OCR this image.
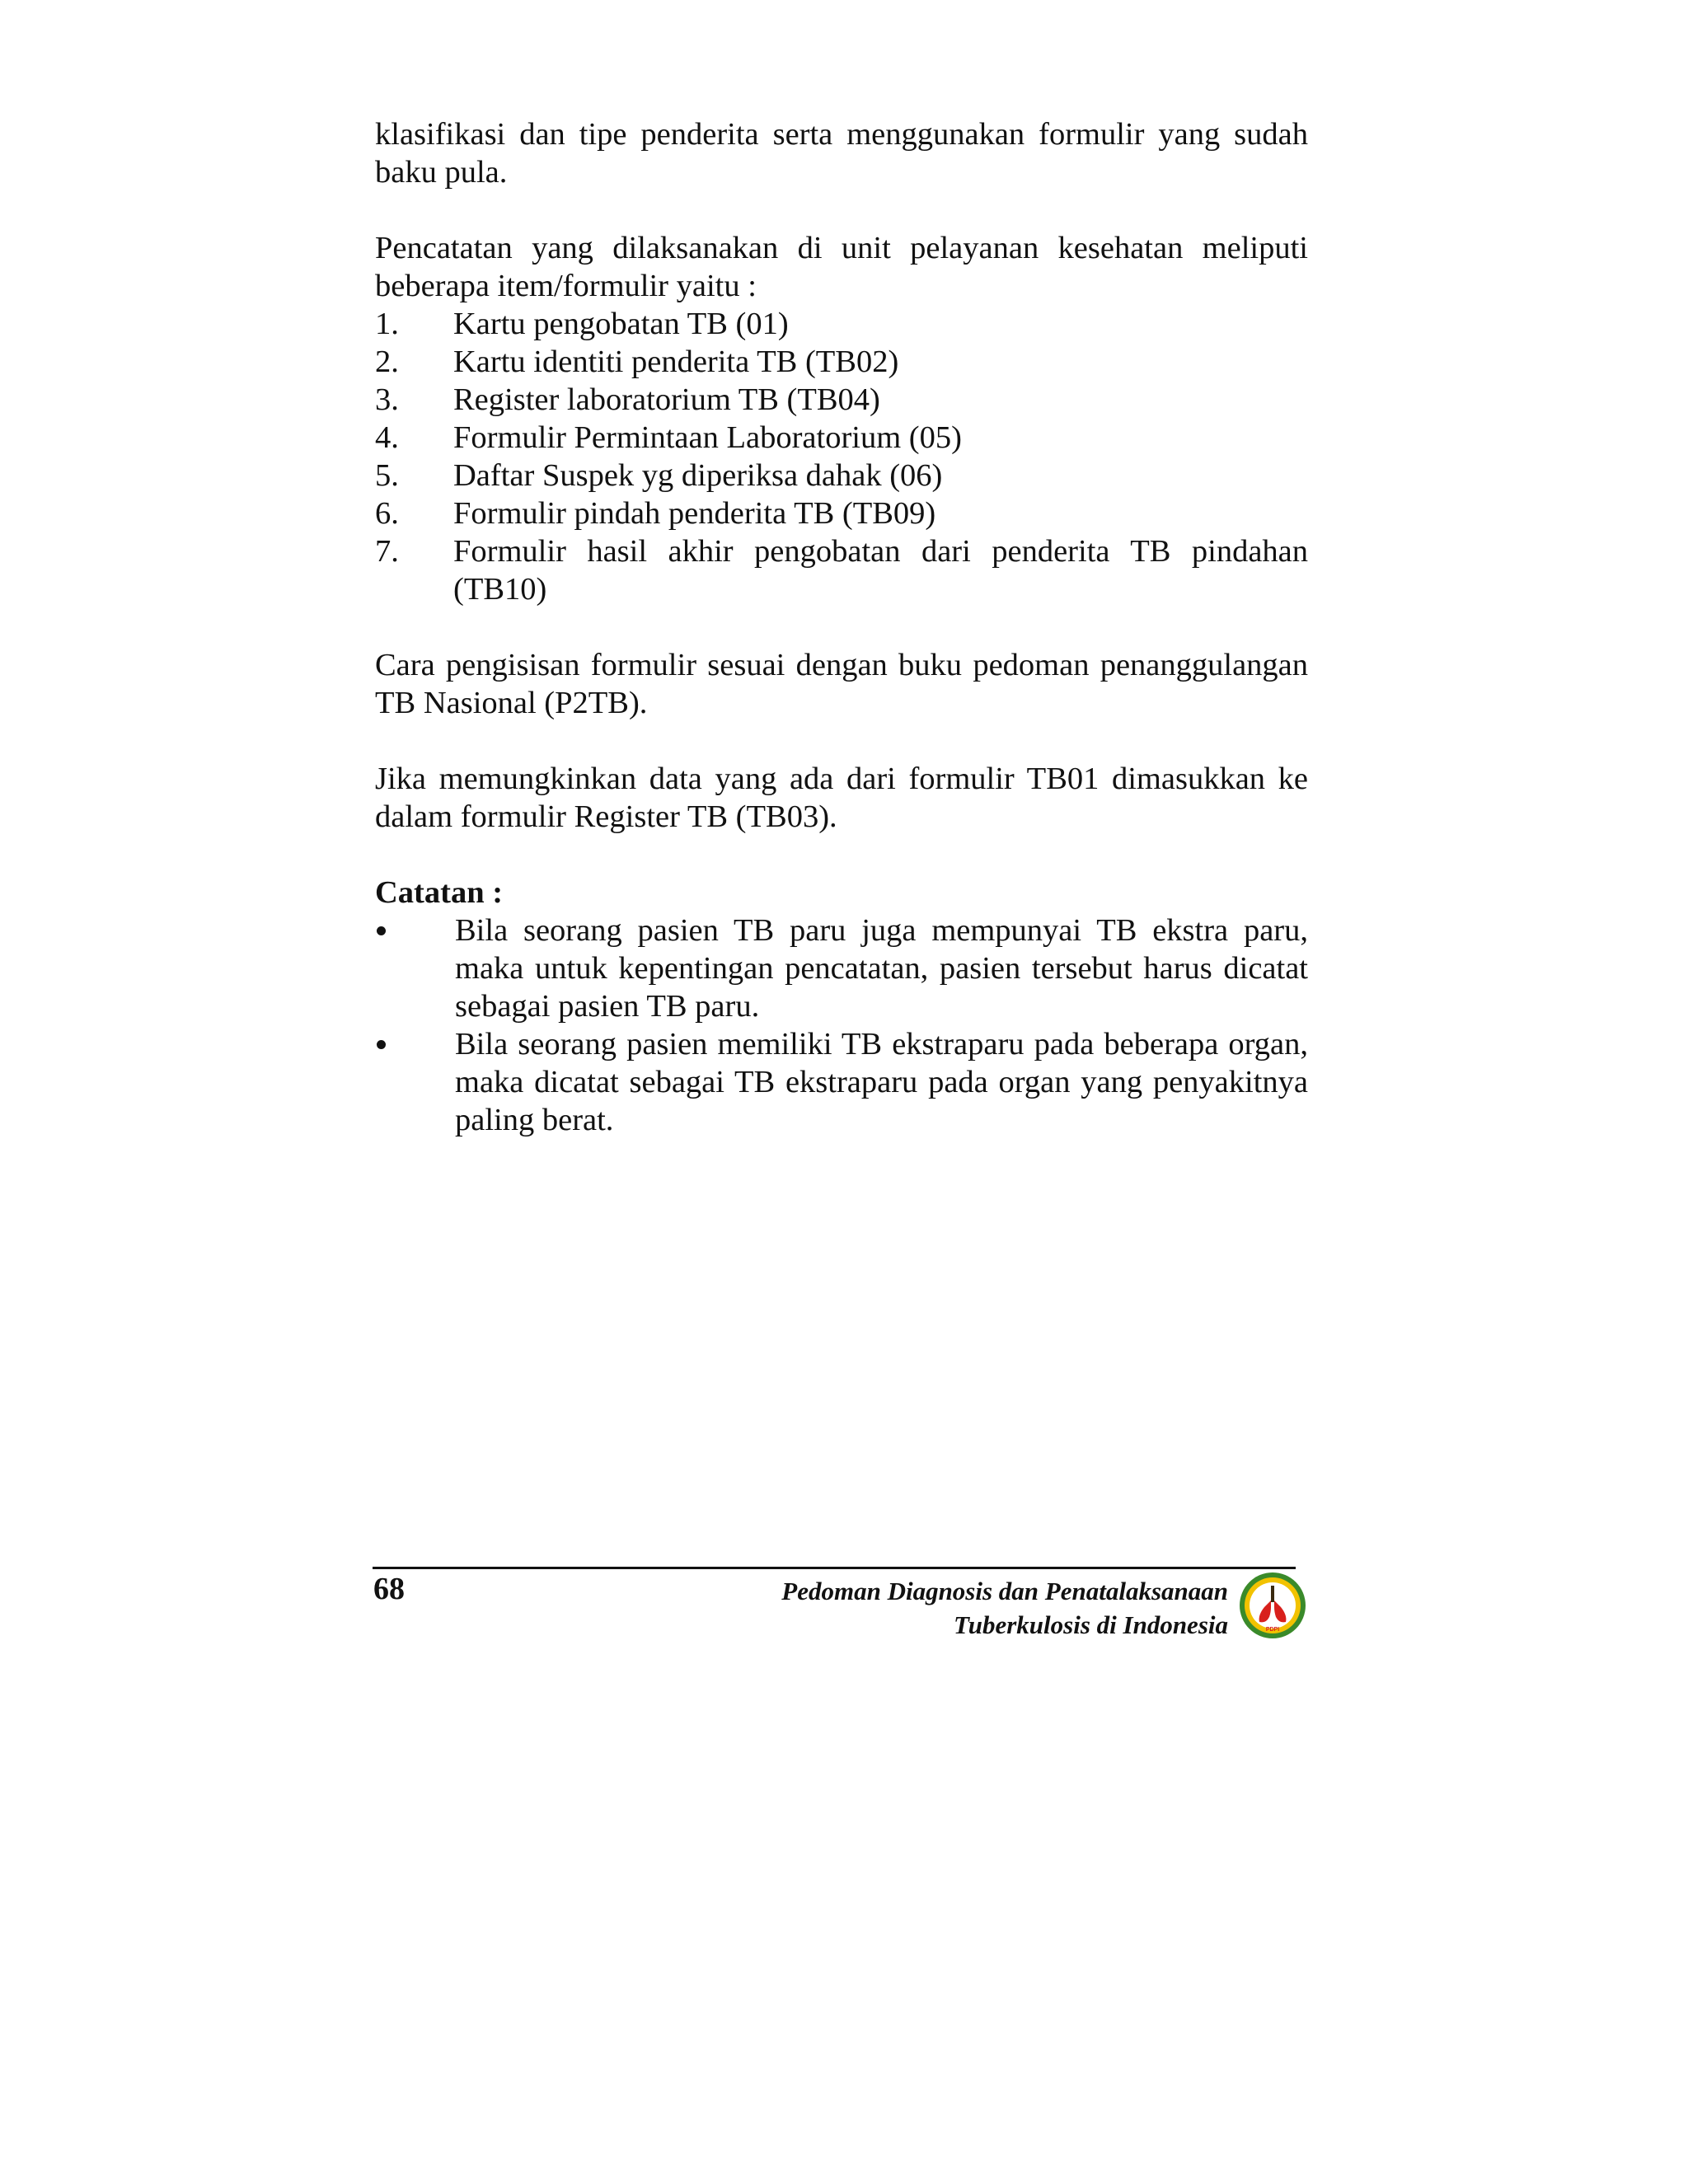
klasifikasi dan tipe penderita serta menggunakan formulir yang sudah baku pula.

Pencatatan yang dilaksanakan di unit pelayanan kesehatan meliputi beberapa item/formulir yaitu :

1.	Kartu pengobatan TB (01)
2.	Kartu identiti penderita TB (TB02)
3.	Register laboratorium TB (TB04)
4.	Formulir Permintaan Laboratorium (05)
5.	Daftar Suspek yg diperiksa dahak (06)
6.	Formulir pindah penderita TB (TB09)
7.	Formulir hasil akhir pengobatan dari penderita TB pindahan (TB10)

Cara pengisisan formulir sesuai dengan buku pedoman penanggulangan TB Nasional (P2TB).

Jika memungkinkan data yang ada dari formulir TB01 dimasukkan ke dalam formulir Register TB (TB03).

Catatan :

Bila seorang pasien TB paru juga mempunyai TB ekstra paru, maka untuk kepentingan pencatatan, pasien tersebut harus dicatat sebagai pasien TB paru.
Bila seorang pasien memiliki TB ekstraparu pada beberapa organ, maka dicatat sebagai TB ekstraparu pada organ yang penyakitnya paling berat.
68	Pedoman Diagnosis dan Penatalaksanaan
Tuberkulosis di Indonesia	PDPI
